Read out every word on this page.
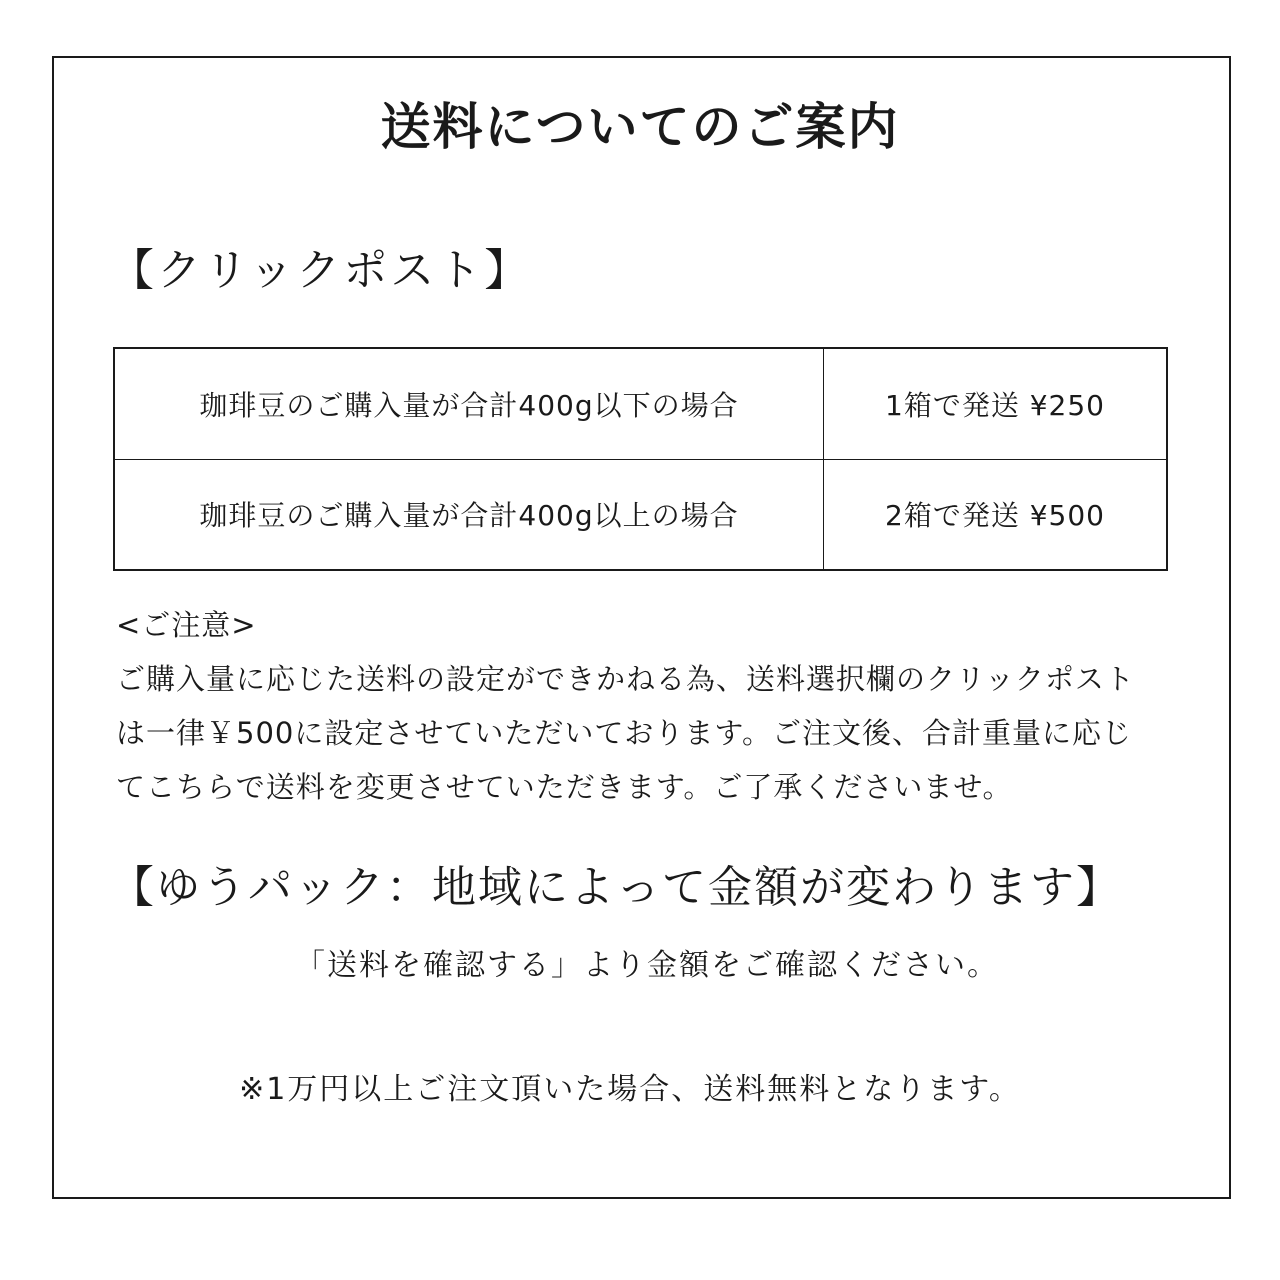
送料についてのご案内
【クリックポスト】
珈琲豆のご購入量が合計400g以下の場合	1箱で発送 ¥250
珈琲豆のご購入量が合計400g以上の場合	2箱で発送 ¥500
<ご注意>
ご購入量に応じた送料の設定ができかねる為、送料選択欄のクリックポスト
は一律￥500に設定させていただいております。ご注文後、合計重量に応じ
てこちらで送料を変更させていただきます。ご了承くださいませ。
【ゆうパック：地域によって金額が変わります】
「送料を確認する」より金額をご確認ください。
※1万円以上ご注文頂いた場合、送料無料となります。
